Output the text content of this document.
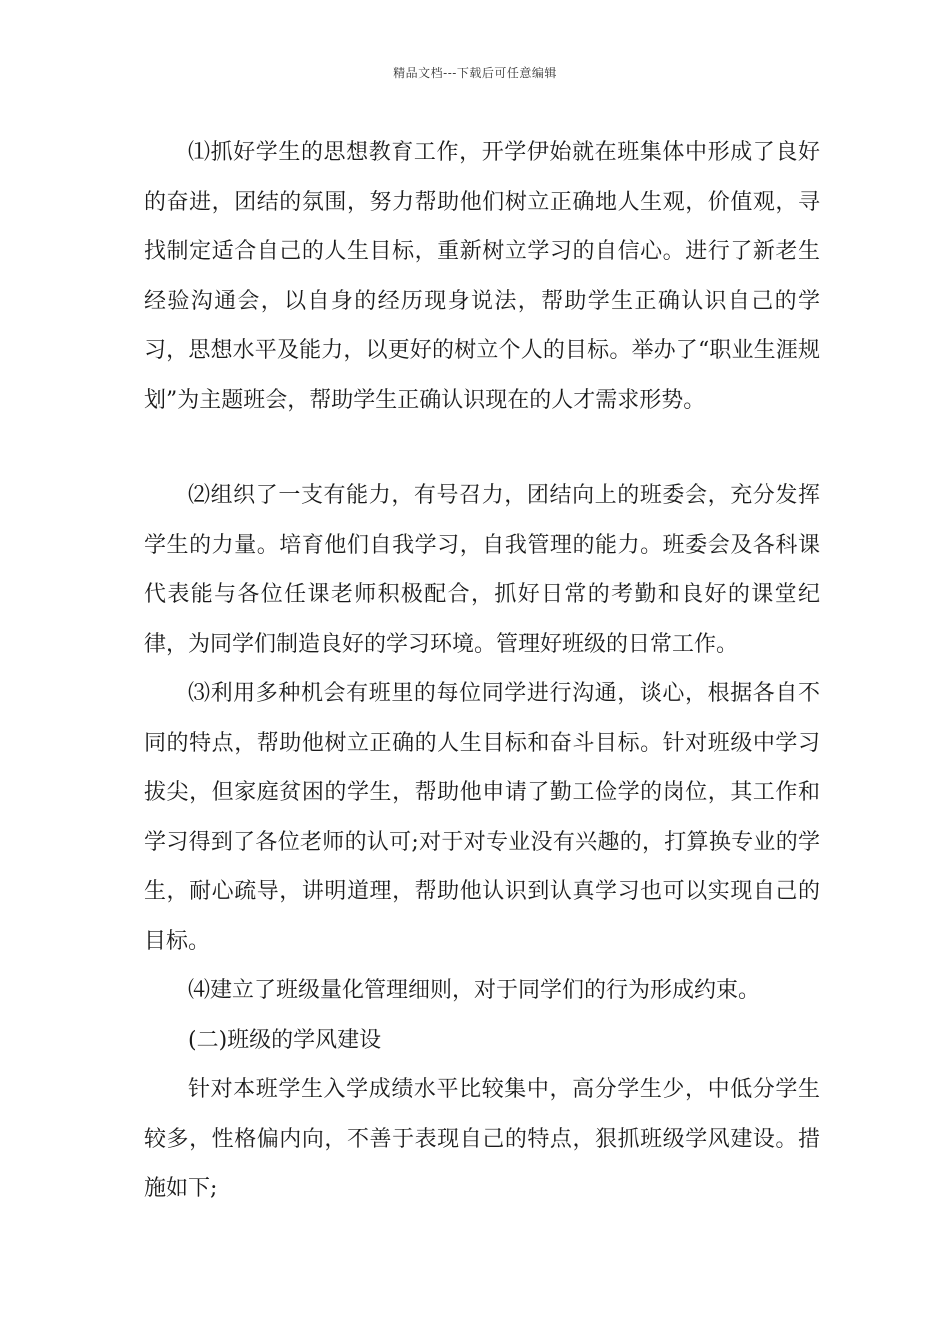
精品文档---下载后可任意编辑

⑴抓好学生的思想教育工作，开学伊始就在班集体中形成了良好的奋进，团结的氛围，努力帮助他们树立正确地人生观，价值观，寻找制定适合自己的人生目标，重新树立学习的自信心。进行了新老生经验沟通会，以自身的经历现身说法，帮助学生正确认识自己的学习，思想水平及能力，以更好的树立个人的目标。举办了“职业生涯规划”为主题班会，帮助学生正确认识现在的人才需求形势。

⑵组织了一支有能力，有号召力，团结向上的班委会，充分发挥学生的力量。培育他们自我学习，自我管理的能力。班委会及各科课代表能与各位任课老师积极配合，抓好日常的考勤和良好的课堂纪律，为同学们制造良好的学习环境。管理好班级的日常工作。

⑶利用多种机会有班里的每位同学进行沟通，谈心，根据各自不同的特点，帮助他树立正确的人生目标和奋斗目标。针对班级中学习拔尖，但家庭贫困的学生，帮助他申请了勤工俭学的岗位，其工作和学习得到了各位老师的认可;对于对专业没有兴趣的，打算换专业的学生，耐心疏导，讲明道理，帮助他认识到认真学习也可以实现自己的目标。

⑷建立了班级量化管理细则，对于同学们的行为形成约束。

(二)班级的学风建设

针对本班学生入学成绩水平比较集中，高分学生少，中低分学生较多，性格偏内向，不善于表现自己的特点，狠抓班级学风建设。措施如下;
